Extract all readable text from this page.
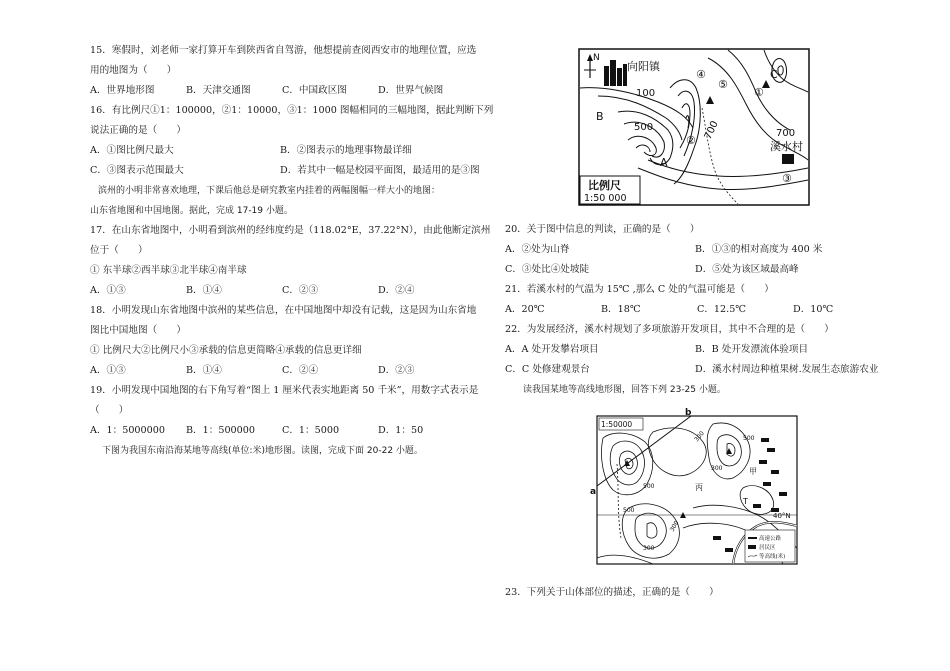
15．寒假时，刘老师一家打算开车到陕西省自驾游，他想提前查阅西安市的地理位置，应选

用的地图为（　　）

A．世界地形图	B．天津交通图	C．中国政区图	D．世界气候图

16．有比例尺①1：100000，②1：10000，③1：1000 图幅相同的三幅地图，据此判断下列

说法正确的是（　　）

A．①图比例尺最大	B．②图表示的地理事物最详细
C．③图表示范围最大	D．若其中一幅是校园平面图，最适用的是③图

滨州的小明非常喜欢地理，下课后他总是研究教室内挂着的两幅图幅一样大小的地图：

山东省地图和中国地图。据此，完成 17-19 小题。

17．在山东省地图中，小明看到滨州的经纬度约是（118.02°E，37.22°N），由此他断定滨州

位于（　　）

① 东半球②西半球③北半球④南半球

A．①③	B．①④	C．②③	D．②④

18．小明发现山东省地图中滨州的某些信息，在中国地图中却没有记载，这是因为山东省地

图比中国地图（　　）

① 比例尺大②比例尺小③承载的信息更简略④承载的信息更详细

A．①③	B．①④	C．②④	D．②③

19．小明发现中国地图的右下角写着“图上 1 厘米代表实地距离 50 千米”，用数字式表示是

（　　）

A．1：5000000	B．1：500000	C．1：5000	D．1：50

下图为我国东南沿海某地等高线(单位:米)地形图。读图，完成下面 20-22 小题。

N
向阳镇
100
500	700	700
B
A
C
①
②
③
④
⑤
溪水村
比例尺
1:50 000

20．关于图中信息的判读，正确的是（　　）

A．②处为山脊	B．①③的相对高度为 400 米
C．③处比④处坡陡	D．⑤处为该区域最高峰

21．若溪水村的气温为 15℃ ,那么 C 处的气温可能是（　　）

A．20℃	B．18℃	C．12.5℃	D．10℃

22．为发展经济，溪水村规划了多项旅游开发项目，其中不合理的是（　　）

A．A 处开发攀岩项目	B．B 处开发漂流体验项目
C．C 处修建观景台	D．溪水村周边种植果树.发展生态旅游农业

读我国某地等高线地形图，回答下列 23-25 小题。

1:50000
a
b
40°N
丙
甲
T
300
500
500
300
500
300
300
高速公路
居民区
等高线(米)

23．下列关于山体部位的描述，正确的是（　　）
